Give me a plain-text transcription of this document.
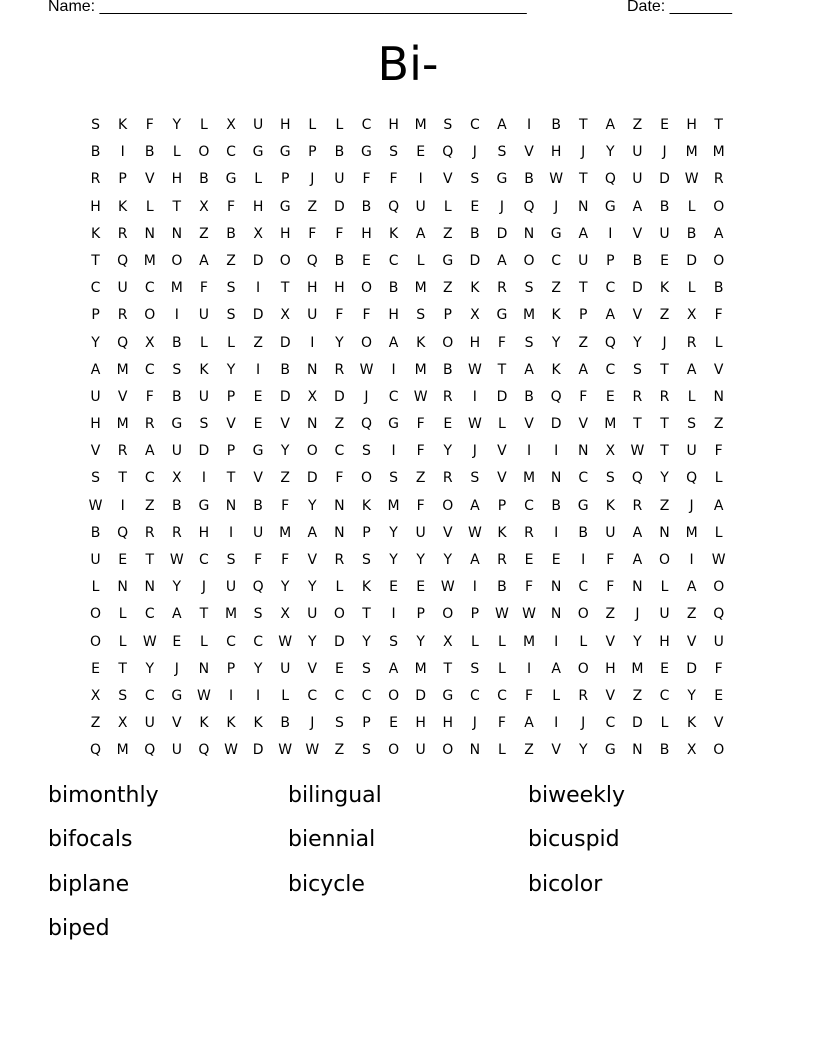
Name: ________________________________________________	Date: _______
Bi-
S	K	F	Y	L	X	U	H	L	L	C	H	M	S	C	A	I	B	T	A	Z	E	H	T
B	I	B	L	O	C	G	G	P	B	G	S	E	Q	J	S	V	H	J	Y	U	J	M	M
R	P	V	H	B	G	L	P	J	U	F	F	I	V	S	G	B	W	T	Q	U	D	W	R
H	K	L	T	X	F	H	G	Z	D	B	Q	U	L	E	J	Q	J	N	G	A	B	L	O
K	R	N	N	Z	B	X	H	F	F	H	K	A	Z	B	D	N	G	A	I	V	U	B	A
T	Q	M	O	A	Z	D	O	Q	B	E	C	L	G	D	A	O	C	U	P	B	E	D	O
C	U	C	M	F	S	I	T	H	H	O	B	M	Z	K	R	S	Z	T	C	D	K	L	B
P	R	O	I	U	S	D	X	U	F	F	H	S	P	X	G	M	K	P	A	V	Z	X	F
Y	Q	X	B	L	L	Z	D	I	Y	O	A	K	O	H	F	S	Y	Z	Q	Y	J	R	L
A	M	C	S	K	Y	I	B	N	R	W	I	M	B	W	T	A	K	A	C	S	T	A	V
U	V	F	B	U	P	E	D	X	D	J	C	W	R	I	D	B	Q	F	E	R	R	L	N
H	M	R	G	S	V	E	V	N	Z	Q	G	F	E	W	L	V	D	V	M	T	T	S	Z
V	R	A	U	D	P	G	Y	O	C	S	I	F	Y	J	V	I	I	N	X	W	T	U	F
S	T	C	X	I	T	V	Z	D	F	O	S	Z	R	S	V	M	N	C	S	Q	Y	Q	L
W	I	Z	B	G	N	B	F	Y	N	K	M	F	O	A	P	C	B	G	K	R	Z	J	A
B	Q	R	R	H	I	U	M	A	N	P	Y	U	V	W	K	R	I	B	U	A	N	M	L
U	E	T	W	C	S	F	F	V	R	S	Y	Y	Y	A	R	E	E	I	F	A	O	I	W
L	N	N	Y	J	U	Q	Y	Y	L	K	E	E	W	I	B	F	N	C	F	N	L	A	O
O	L	C	A	T	M	S	X	U	O	T	I	P	O	P	W W	N	O	Z	J	U	Z	Q
O	L	W	E	L	C	C	W	Y	D	Y	S	Y	X	L	L	M	I	L	V	Y	H	V	U
E	T	Y	J	N	P	Y	U	V	E	S	A	M	T	S	L	I	A	O	H	M	E	D	F
X	S	C	G	W	I	I	L	C	C	C	O	D	G	C	C	F	L	R	V	Z	C	Y	E
Z	X	U	V	K	K	K	B	J	S	P	E	H	H	J	F	A	I	J	C	D	L	K	V
Q	M	Q	U	Q	W	D	W W	Z	S	O	U	O	N	L	Z	V	Y	G	N	B	X	O
bimonthly	bilingual	biweekly
bifocals	biennial	bicuspid
biplane	bicycle	bicolor
biped
